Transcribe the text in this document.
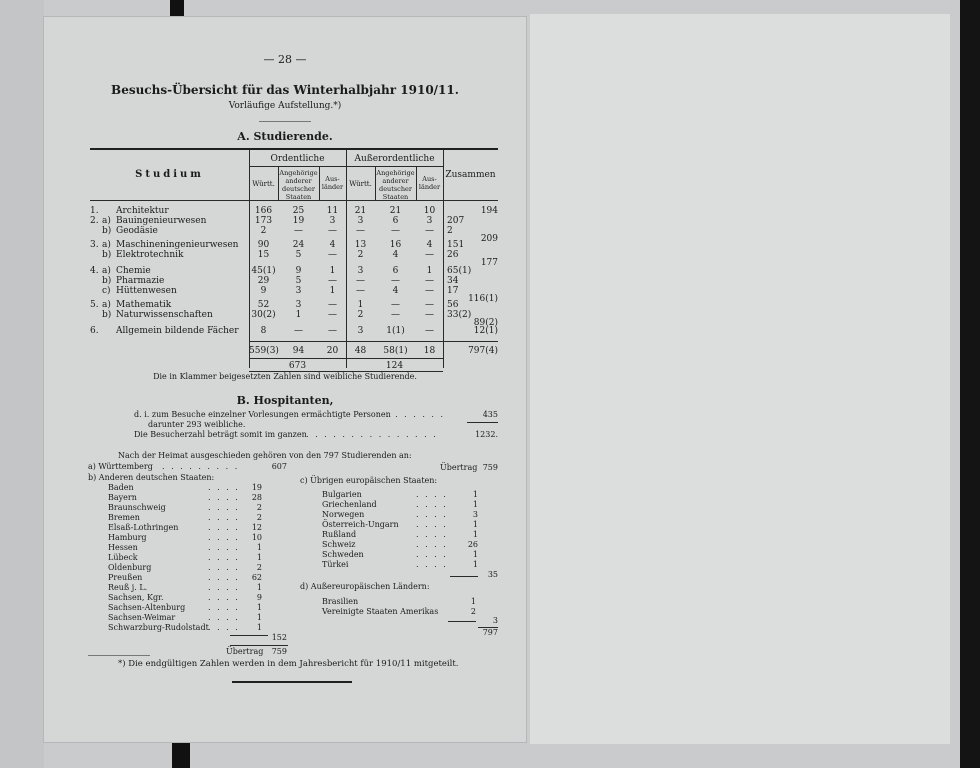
— 28 —
Besuchs-Übersicht für das Winterhalbjahr 1910/11.
Vorläufige Aufstellung.*)
A. Studierende.
Studium
Ordentliche	Außerordentliche
Zusammen
Württ.
Angehörige anderer deutscher Staaten
Aus-länder Württ.
Angehörige anderer deutscher Staaten
Aus-länder
1. Architektur	166	25	11	21	21	10	194
2. a) Bauingenieurwesen	173	19	3	3	6	3	207
b) Geodäsie	2	—	—	—	—	—	2
209
3. a) Maschineningenieurwesen	90	24	4	13	16	4	151
b) Elektrotechnik	15	5	—	2	4	—	26
177
4. a) Chemie	45(1)	9	1	3	6	1	65(1)
b) Pharmazie	29	5	—	—	—	—	34
c) Hüttenwesen	9	3	1	—	4	—	17
116(1)
5. a) Mathematik	52	3	—	1	—	—	56
b) Naturwissenschaften	30(2)	1	—	2	—	—	33(2)
89(2)
6. Allgemein bildende Fächer	8	—	—	3	1(1)	—	12(1)
559(3)	94	20	48	58(1)	18	797(4)
673	124
Die in Klammer beigesetzten Zahlen sind weibliche Studierende.
B. Hospitanten,
d. i. zum Besuche einzelner Vorlesungen ermächtigte Personen
. . . . . . .	435
darunter 293 weibliche.
Die Besucherzahl beträgt somit im ganzen . . . . . . . . . . . . . . .	1232.
Nach der Heimat ausgeschieden gehören von den 797 Studierenden an:
a) Württemberg . . . . . . . . .	607
b) Anderen deutschen Staaten:
Baden	. . . .	19
Bayern	. . . .	28
Braunschweig	. . . .	2
Bremen	. . . .	2
Elsaß-Lothringen	. . . .	12
Hamburg	. . . .	10
Hessen	. . . .	1
Lübeck	. . . .	1
Oldenburg	. . . .	2
Preußen	. . . .	62
Reuß j. L.	. . . .	1
Sachsen, Kgr.	. . . .	9
Sachsen-Altenburg	. . . .	1
Sachsen-Weimar	. . . .	1
Schwarzburg-Rudolstadt . . . .	1
152
Übertrag	759
Übertrag 759
c) Übrigen europäischen Staaten:
Bulgarien	. . . .	1
Griechenland	. . . .	1
Norwegen	. . . .	3
Österreich-Ungarn . . . .	1
Rußland	. . . .	1
Schweiz	. . . .	26
Schweden	. . . .	1
Türkei	. . . .	1
35
d) Außereuropäischen Ländern:
Brasilien	1
Vereinigte Staaten Amerikas	2
3
797
*) Die endgültigen Zahlen werden in dem Jahresbericht für 1910/11 mitgeteilt.
